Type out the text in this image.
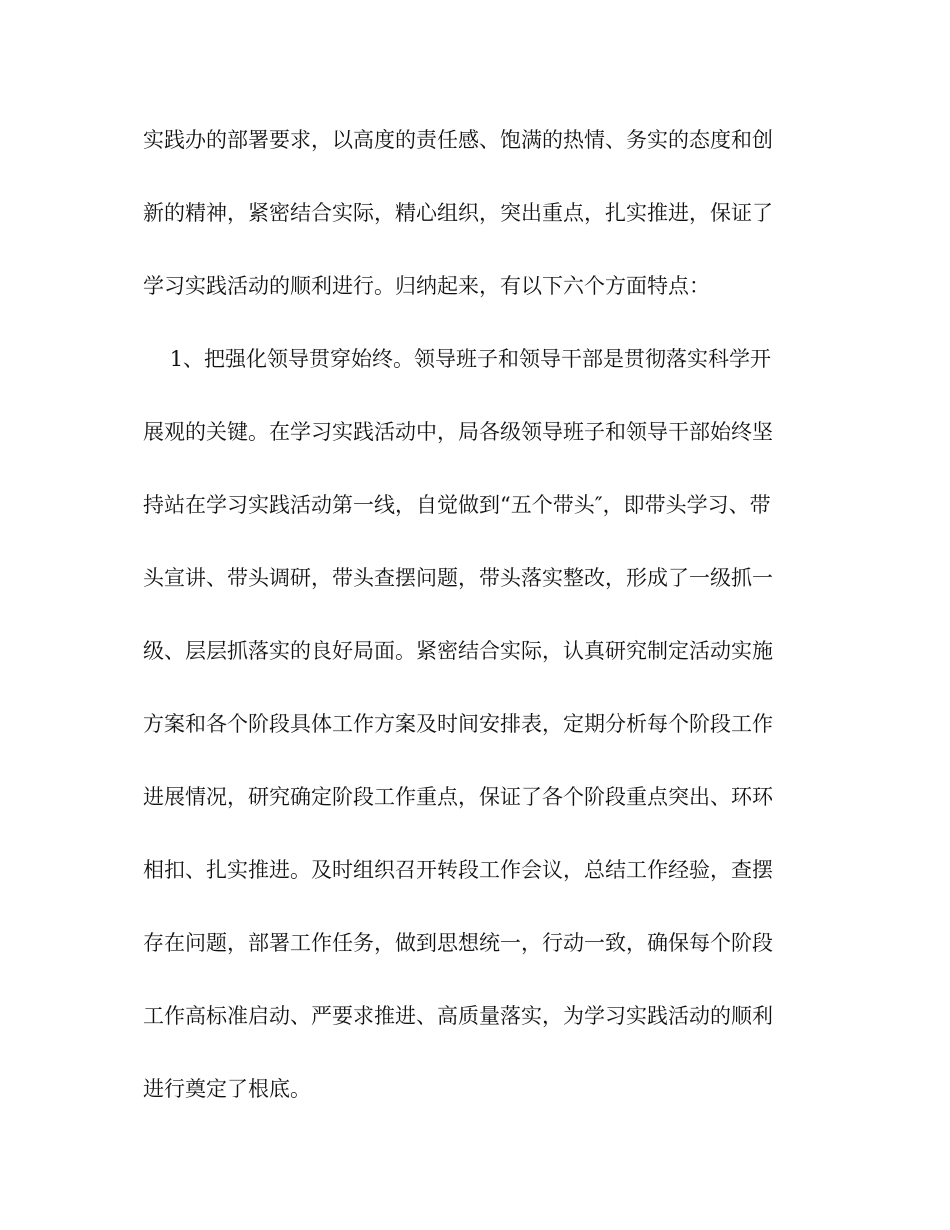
实践办的部署要求，以高度的责任感、饱满的热情、务实的态度和创
新的精神，紧密结合实际，精心组织，突出重点，扎实推进，保证了
学习实践活动的顺利进行。归纳起来，有以下六个方面特点：
1、把强化领导贯穿始终。领导班子和领导干部是贯彻落实科学开
展观的关键。在学习实践活动中，局各级领导班子和领导干部始终坚
持站在学习实践活动第一线，自觉做到“五个带头″，即带头学习、带
头宣讲、带头调研，带头查摆问题，带头落实整改，形成了一级抓一
级、层层抓落实的良好局面。紧密结合实际，认真研究制定活动实施
方案和各个阶段具体工作方案及时间安排表，定期分析每个阶段工作
进展情况，研究确定阶段工作重点，保证了各个阶段重点突出、环环
相扣、扎实推进。及时组织召开转段工作会议，总结工作经验，查摆
存在问题，部署工作任务，做到思想统一，行动一致，确保每个阶段
工作高标准启动、严要求推进、高质量落实，为学习实践活动的顺利
进行奠定了根底。
